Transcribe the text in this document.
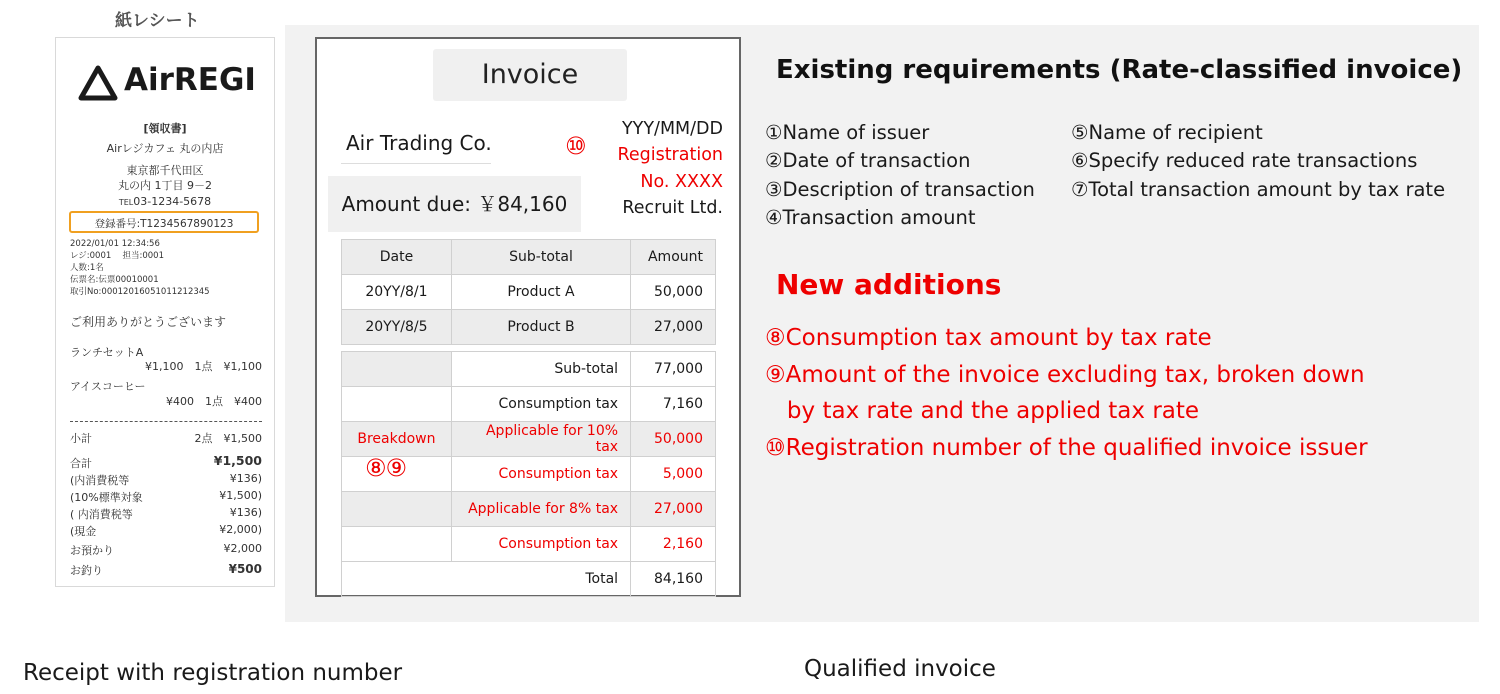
紙レシート
AirREGI
[領収書]
Airレジカフェ 丸の内店
東京都千代田区
丸の内 1丁目 9－2
TEL03-1234-5678
登録番号:T1234567890123
2022/01/01 12:34:56
レジ:0001　 担当:0001
人数:1名
伝票名:伝票00010001
取引No:00012016051011212345
ご利用ありがとうございます
ランチセットA
¥1,100　1点　¥1,100
アイスコーヒー
¥400　1点　¥400
小計	2点　¥1,500
合計	¥1,500
(内消費税等	¥136)
(10%標準対象	¥1,500)
( 内消費税等	¥136)
(現金	¥2,000)
お預かり	¥2,000
お釣り	¥500
Invoice
Air Trading Co.	⑩
YYY/MM/DD
Registration
No. XXXX
Recruit Ltd.
Amount due: ￥84,160
Date	Sub-total	Amount
20YY/8/1	Product A	50,000
20YY/8/5	Product B	27,000

	Sub-total	77,000
	Consumption tax	7,160
Breakdown	Applicable for 10% tax	50,000
	Consumption tax	5,000
	Applicable for 8% tax	27,000
	Consumption tax	2,160
	Total	84,160
⑧⑨
Existing requirements (Rate-classified invoice)
①Name of issuer
②Date of transaction
③Description of transaction
④Transaction amount
⑤Name of recipient
⑥Specify reduced rate transactions
⑦Total transaction amount by tax rate
New additions
⑧Consumption tax amount by tax rate
⑨Amount of the invoice excluding tax, broken down
by tax rate and the applied tax rate
⑩Registration number of the qualified invoice issuer
Receipt with registration number	Qualified invoice
